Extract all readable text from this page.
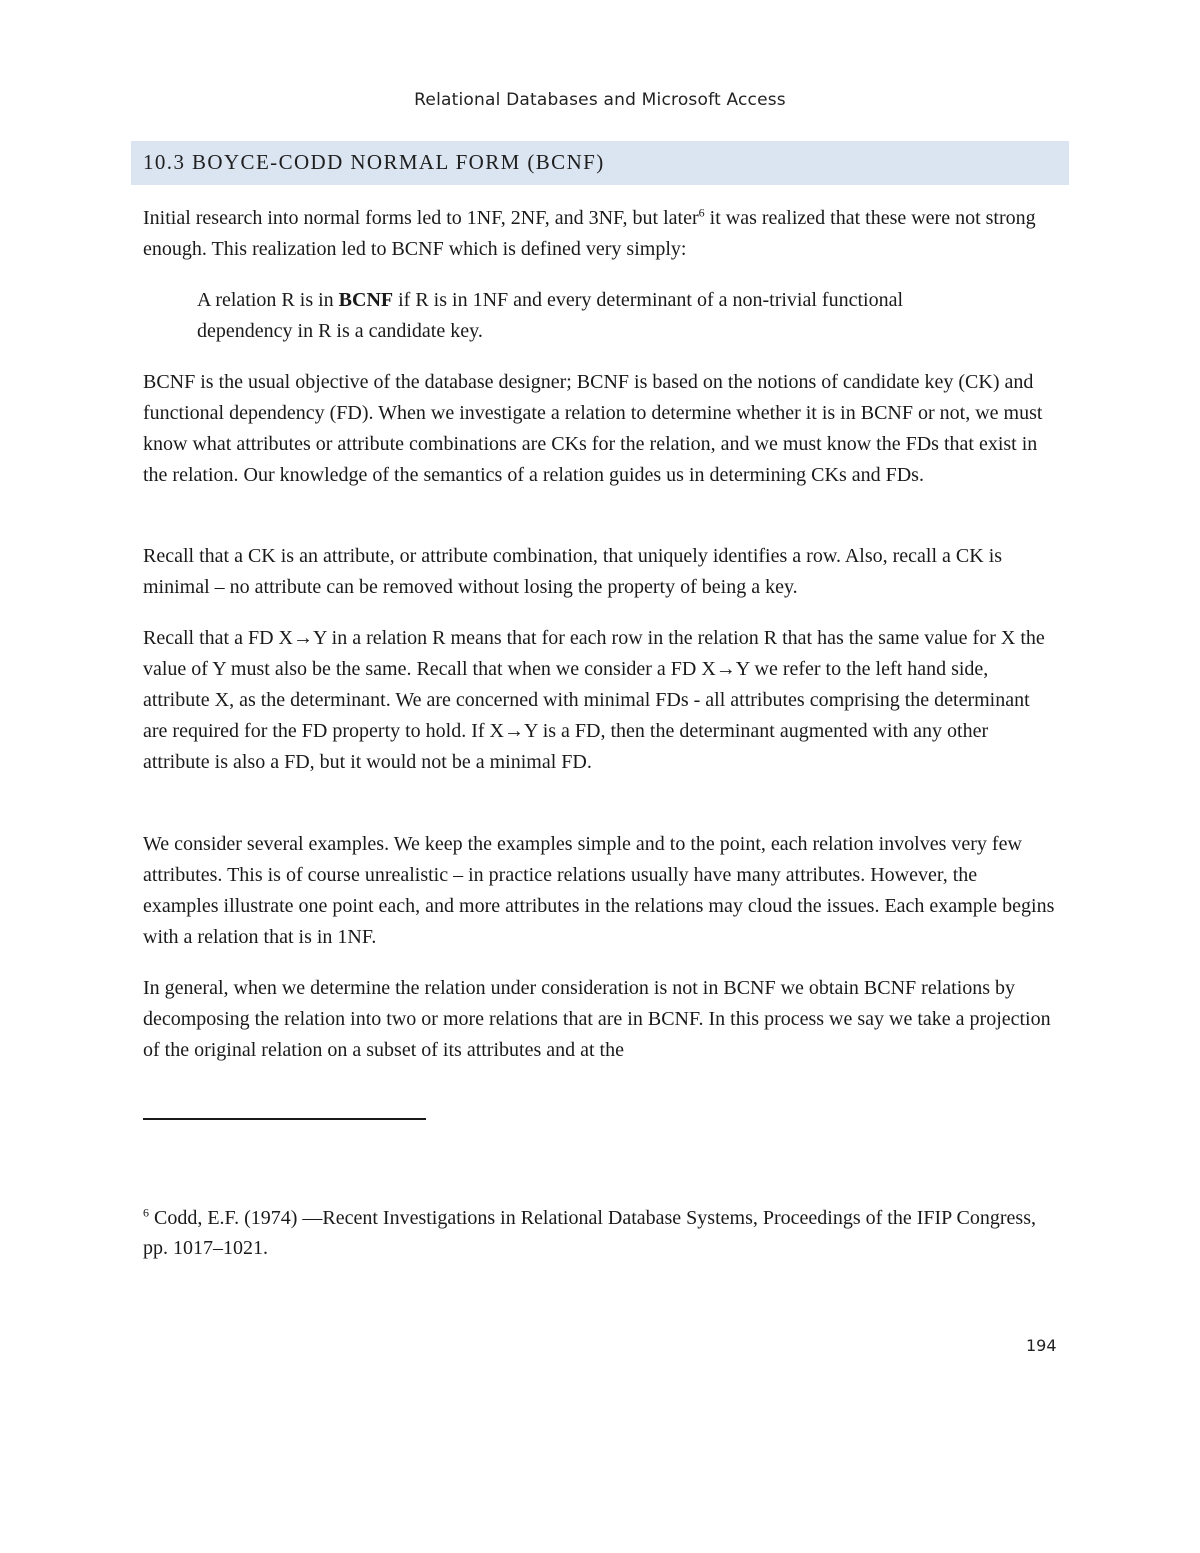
Relational Databases and Microsoft Access
10.3 BOYCE-CODD NORMAL FORM (BCNF)
Initial research into normal forms led to 1NF, 2NF, and 3NF, but later$^6$ it was realized that these were not strong enough. This realization led to BCNF which is defined very simply:
A relation R is in BCNF if R is in 1NF and every determinant of a non-trivial functional dependency in R is a candidate key.
BCNF is the usual objective of the database designer; BCNF is based on the notions of candidate key (CK) and functional dependency (FD). When we investigate a relation to determine whether it is in BCNF or not, we must know what attributes or attribute combinations are CKs for the relation, and we must know the FDs that exist in the relation. Our knowledge of the semantics of a relation guides us in determining CKs and FDs.
Recall that a CK is an attribute, or attribute combination, that uniquely identifies a row. Also, recall a CK is minimal – no attribute can be removed without losing the property of being a key.
Recall that a FD X→Y in a relation R means that for each row in the relation R that has the same value for X the value of Y must also be the same. Recall that when we consider a FD X→Y we refer to the left hand side, attribute X, as the determinant. We are concerned with minimal FDs - all attributes comprising the determinant are required for the FD property to hold. If X→Y is a FD, then the determinant augmented with any other attribute is also a FD, but it would not be a minimal FD.
We consider several examples. We keep the examples simple and to the point, each relation involves very few attributes. This is of course unrealistic – in practice relations usually have many attributes. However, the examples illustrate one point each, and more attributes in the relations may cloud the issues. Each example begins with a relation that is in 1NF.
In general, when we determine the relation under consideration is not in BCNF we obtain BCNF relations by decomposing the relation into two or more relations that are in BCNF. In this process we say we take a projection of the original relation on a subset of its attributes and at the
$^6$ Codd, E.F. (1974) ―Recent Investigations in Relational Database Systems, Proceedings of the IFIP Congress, pp. 1017–1021.
194
